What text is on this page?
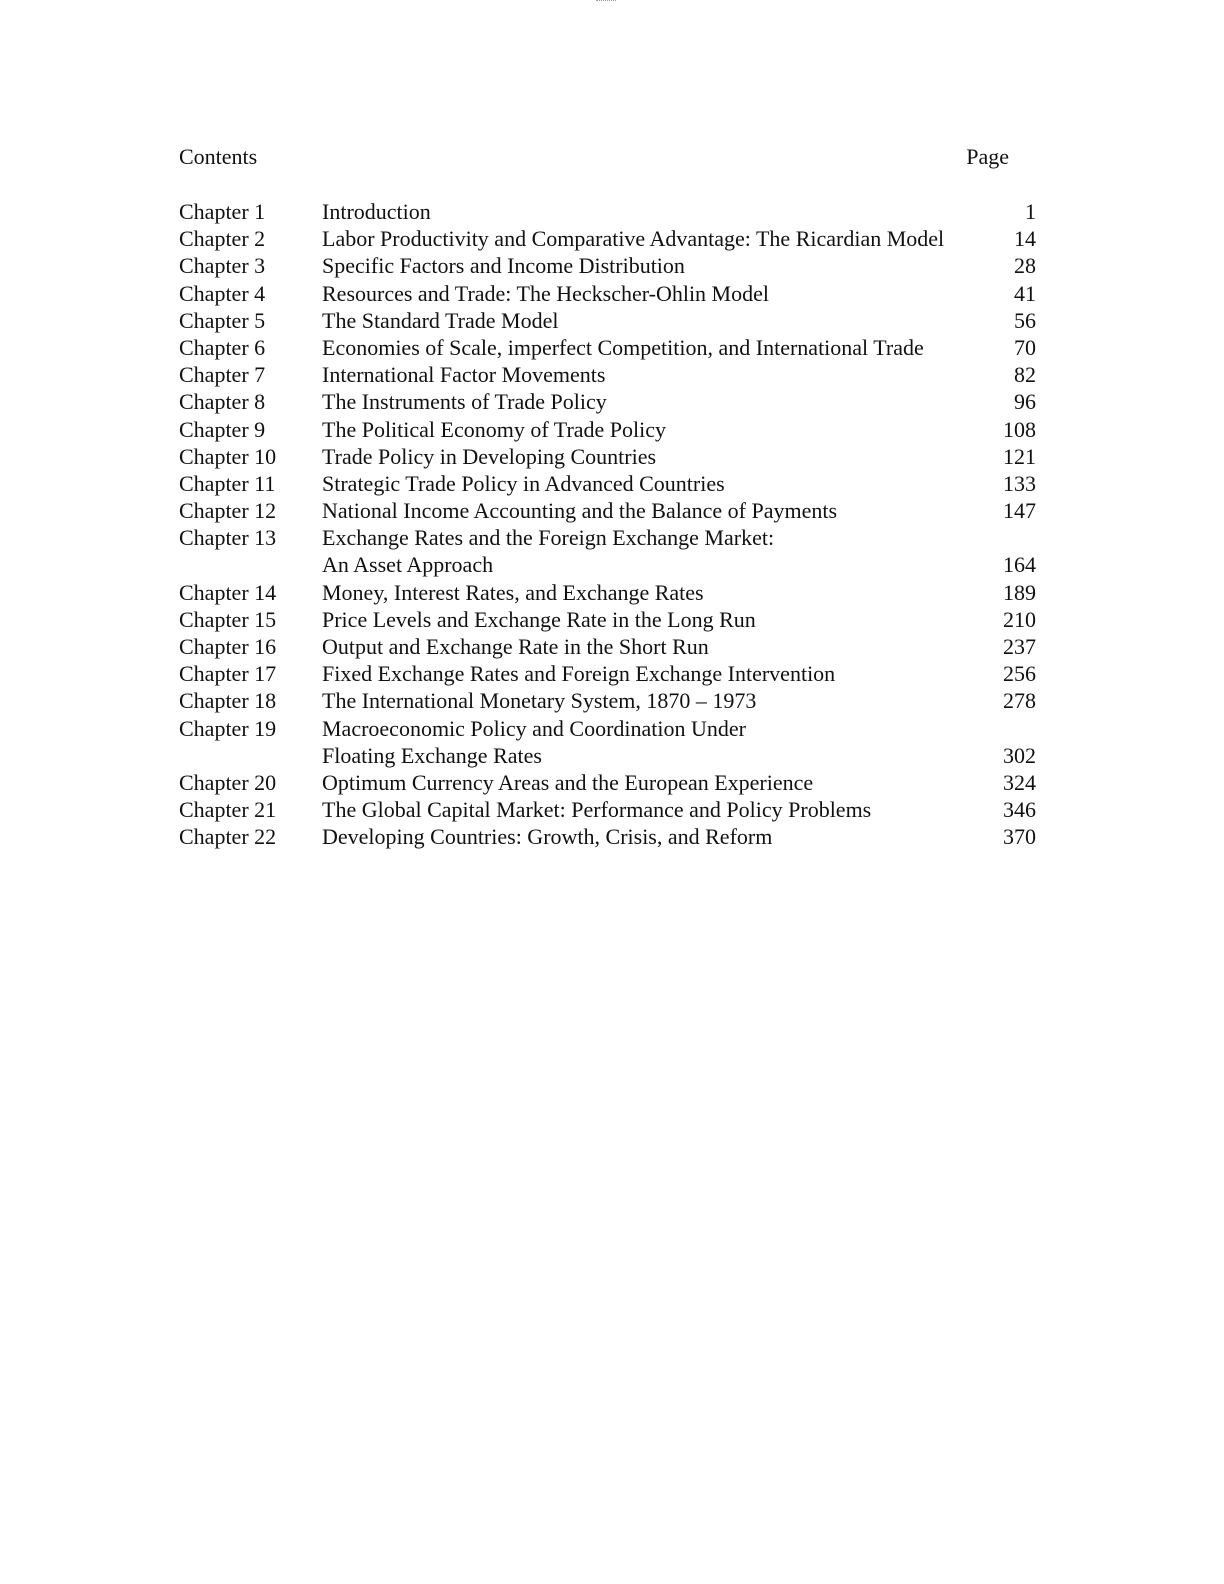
Contents	Page
Chapter 1	Introduction	1
Chapter 2	Labor Productivity and Comparative Advantage: The Ricardian Model	14
Chapter 3	Specific Factors and Income Distribution	28
Chapter 4	Resources and Trade: The Heckscher-Ohlin Model	41
Chapter 5	The Standard Trade Model	56
Chapter 6	Economies of Scale, imperfect Competition, and International Trade	70
Chapter 7	International Factor Movements	82
Chapter 8	The Instruments of Trade Policy	96
Chapter 9	The Political Economy of Trade Policy	108
Chapter 10 Trade Policy in Developing Countries	121
Chapter 11 Strategic Trade Policy in Advanced Countries	133
Chapter 12 National Income Accounting and the Balance of Payments	147
Chapter 13 Exchange Rates and the Foreign Exchange Market:
An Asset Approach	164
Chapter 14 Money, Interest Rates, and Exchange Rates	189
Chapter 15 Price Levels and Exchange Rate in the Long Run	210
Chapter 16 Output and Exchange Rate in the Short Run	237
Chapter 17 Fixed Exchange Rates and Foreign Exchange Intervention	256
Chapter 18 The International Monetary System, 1870 – 1973	278
Chapter 19 Macroeconomic Policy and Coordination Under
Floating Exchange Rates	302
Chapter 20 Optimum Currency Areas and the European Experience	324
Chapter 21 The Global Capital Market: Performance and Policy Problems	346
Chapter 22 Developing Countries: Growth, Crisis, and Reform	370
